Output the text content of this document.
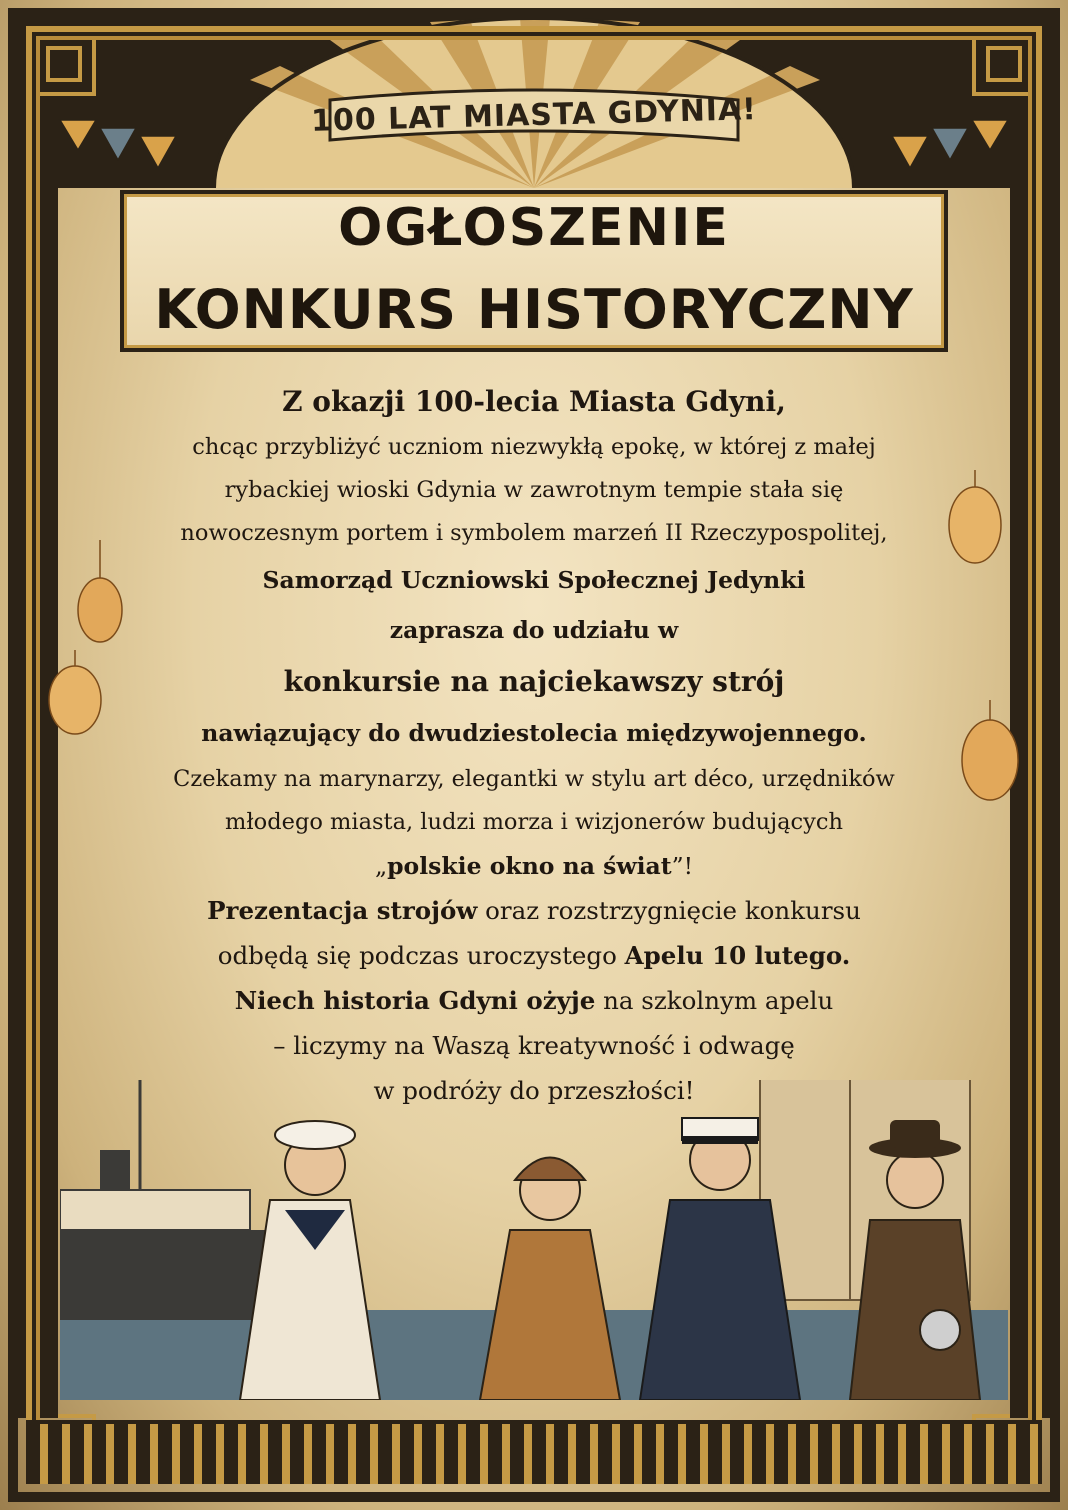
100 LAT MIASTA GDYNIA!
OGŁOSZENIE
KONKURS HISTORYCZNY
Z okazji 100-lecia Miasta Gdyni,
chcąc przybliżyć uczniom niezwykłą epokę, w której z małej
rybackiej wioski Gdynia w zawrotnym tempie stała się
nowoczesnym portem i symbolem marzeń II Rzeczypospolitej,
Samorząd Uczniowski Społecznej Jedynki
zaprasza do udziału w
konkursie na najciekawszy strój
nawiązujący do dwudziestolecia międzywojennego.
Czekamy na marynarzy, elegantki w stylu art déco, urzędników
młodego miasta, ludzi morza i wizjonerów budujących
„polskie okno na świat”!
Prezentacja strojów oraz rozstrzygnięcie konkursu
odbędą się podczas uroczystego Apelu 10 lutego.
Niech historia Gdyni ożyje na szkolnym apelu
– liczymy na Waszą kreatywność i odwagę
w podróży do przeszłości!
